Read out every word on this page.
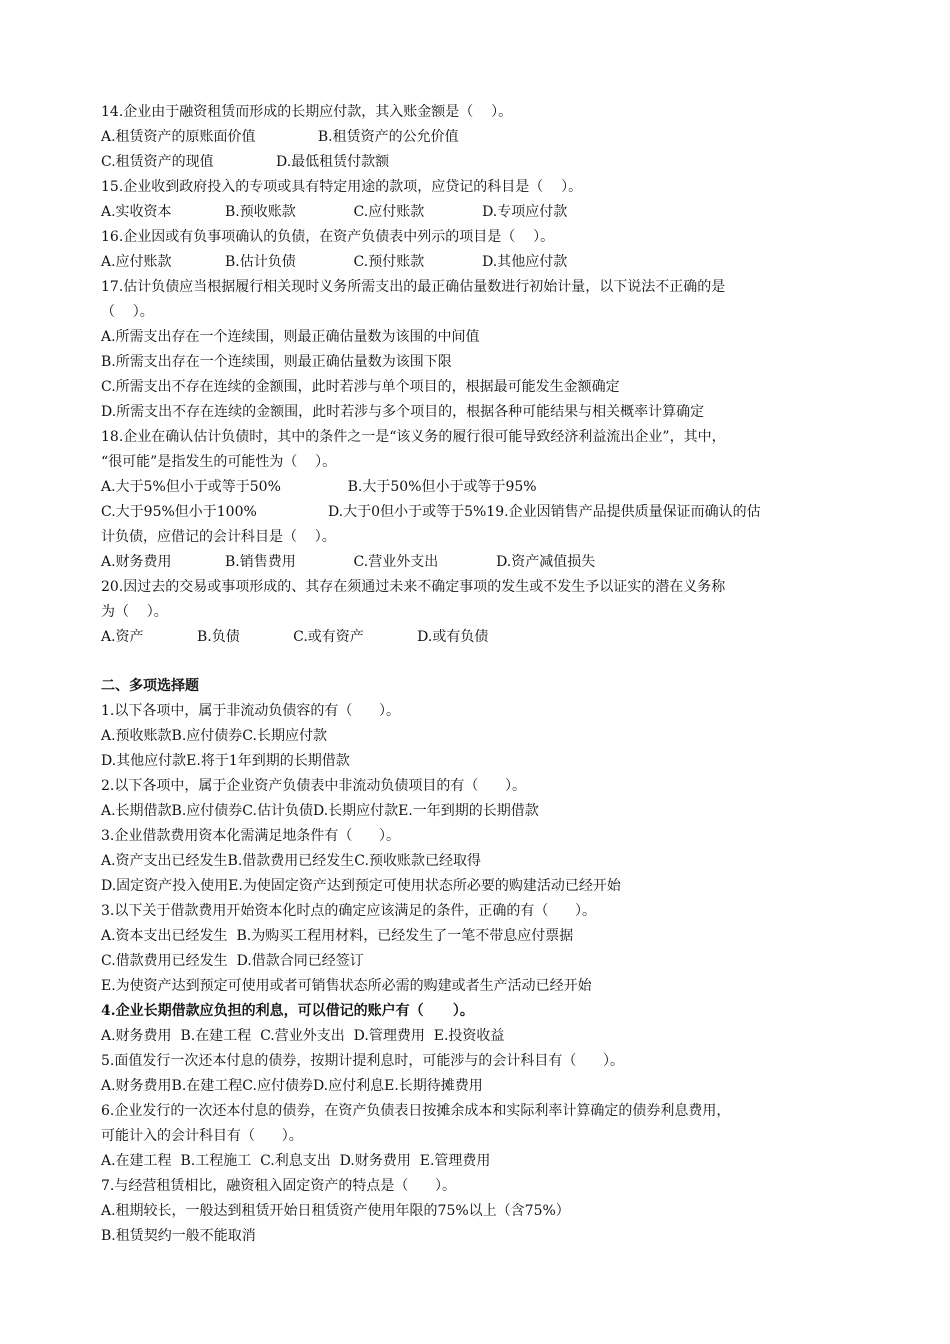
14.企业由于融资租赁而形成的长期应付款，其入账金额是（    ）。

A.租赁资产的原账面价值              B.租赁资产的公允价值

C.租赁资产的现值              D.最低租赁付款额

15.企业收到政府投入的专项或具有特定用途的款项，应贷记的科目是（    ）。

A.实收资本            B.预收账款             C.应付账款             D.专项应付款

16.企业因或有负事项确认的负债，在资产负债表中列示的项目是（    ）。

A.应付账款            B.估计负债             C.预付账款             D.其他应付款

17.估计负债应当根据履行相关现时义务所需支出的最正确估量数进行初始计量，以下说法不正确的是

（    ）。

A.所需支出存在一个连续围，则最正确估量数为该围的中间值

B.所需支出存在一个连续围，则最正确估量数为该围下限

C.所需支出不存在连续的金额围，此时若涉与单个项目的，根据最可能发生金额确定

D.所需支出不存在连续的金额围，此时若涉与多个项目的，根据各种可能结果与相关概率计算确定

18.企业在确认估计负债时，其中的条件之一是“该义务的履行很可能导致经济利益流出企业”，其中，

“很可能”是指发生的可能性为（    ）。

A.大于5%但小于或等于50%               B.大于50%但小于或等于95%

C.大于95%但小于100%                D.大于0但小于或等于5%19.企业因销售产品提供质量保证而确认的估

计负债，应借记的会计科目是（    ）。

A.财务费用            B.销售费用             C.营业外支出             D.资产减值损失

20.因过去的交易或事项形成的、其存在须通过未来不确定事项的发生或不发生予以证实的潜在义务称

为（    ）。

A.资产            B.负债            C.或有资产            D.或有负债

二、多项选择题

1.以下各项中，属于非流动负债容的有（      ）。

A.预收账款B.应付债券C.长期应付款

D.其他应付款E.将于1年到期的长期借款

2.以下各项中，属于企业资产负债表中非流动负债项目的有（      ）。

A.长期借款B.应付债券C.估计负债D.长期应付款E.一年到期的长期借款

3.企业借款费用资本化需满足地条件有（      ）。

A.资产支出已经发生B.借款费用已经发生C.预收账款已经取得

D.固定资产投入使用E.为使固定资产达到预定可使用状态所必要的购建活动已经开始

3.以下关于借款费用开始资本化时点的确定应该满足的条件，正确的有（      ）。

A.资本支出已经发生  B.为购买工程用材料，已经发生了一笔不带息应付票据

C.借款费用已经发生  D.借款合同已经签订

E.为使资产达到预定可使用或者可销售状态所必需的购建或者生产活动已经开始

4.企业长期借款应负担的利息，可以借记的账户有（      ）。

A.财务费用  B.在建工程  C.营业外支出  D.管理费用  E.投资收益

5.面值发行一次还本付息的债券，按期计提利息时，可能涉与的会计科目有（      ）。

A.财务费用B.在建工程C.应付债券D.应付利息E.长期待摊费用

6.企业发行的一次还本付息的债券，在资产负债表日按摊余成本和实际利率计算确定的债券利息费用，

可能计入的会计科目有（      ）。

A.在建工程  B.工程施工  C.利息支出  D.财务费用  E.管理费用

7.与经营租赁相比，融资租入固定资产的特点是（      ）。

A.租期较长，一般达到租赁开始日租赁资产使用年限的75%以上（含75%）

B.租赁契约一般不能取消
